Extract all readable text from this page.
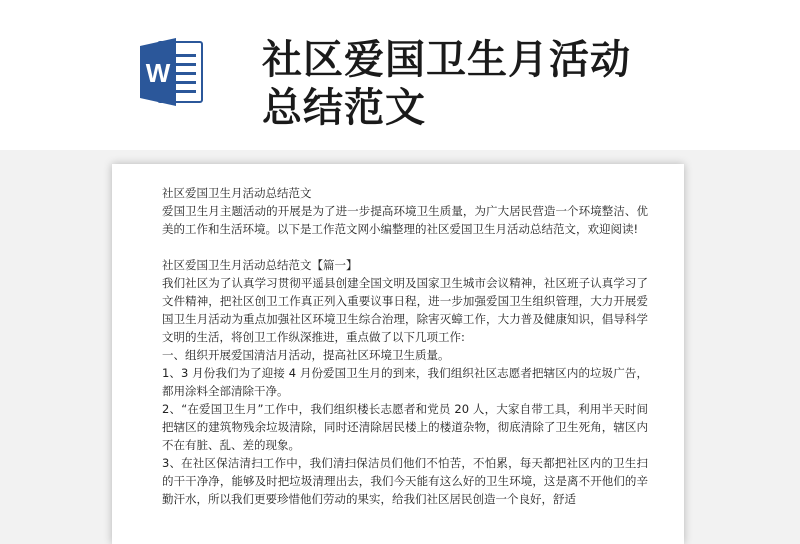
W 社区爱国卫生月活动
总结范文

社区爱国卫生月活动总结范文

爱国卫生月主题活动的开展是为了进一步提高环境卫生质量，为广大居民营造一个环境整洁、优美的工作和生活环境。以下是工作范文网小编整理的社区爱国卫生月活动总结范文，欢迎阅读!

社区爱国卫生月活动总结范文【篇一】

我们社区为了认真学习贯彻平遥县创建全国文明及国家卫生城市会议精神，社区班子认真学习了文件精神，把社区创卫工作真正列入重要议事日程，进一步加强爱国卫生组织管理，大力开展爱国卫生月活动为重点加强社区环境卫生综合治理，除害灭蟑工作，大力普及健康知识，倡导科学文明的生活，将创卫工作纵深推进，重点做了以下几项工作:

一、组织开展爱国清洁月活动，提高社区环境卫生质量。

1、3 月份我们为了迎接 4 月份爱国卫生月的到来，我们组织社区志愿者把辖区内的垃圾广告，都用涂料全部清除干净。

2、“在爱国卫生月”工作中，我们组织楼长志愿者和党员 20 人，大家自带工具，利用半天时间把辖区的建筑物残余垃圾清除，同时还清除居民楼上的楼道杂物，彻底清除了卫生死角，辖区内不在有脏、乱、差的现象。

3、在社区保洁清扫工作中，我们清扫保洁员们他们不怕苦，不怕累，每天都把社区内的卫生扫的干干净净，能够及时把垃圾清理出去，我们今天能有这么好的卫生环境，这是离不开他们的辛勤汗水，所以我们更要珍惜他们劳动的果实，给我们社区居民创造一个良好，舒适
